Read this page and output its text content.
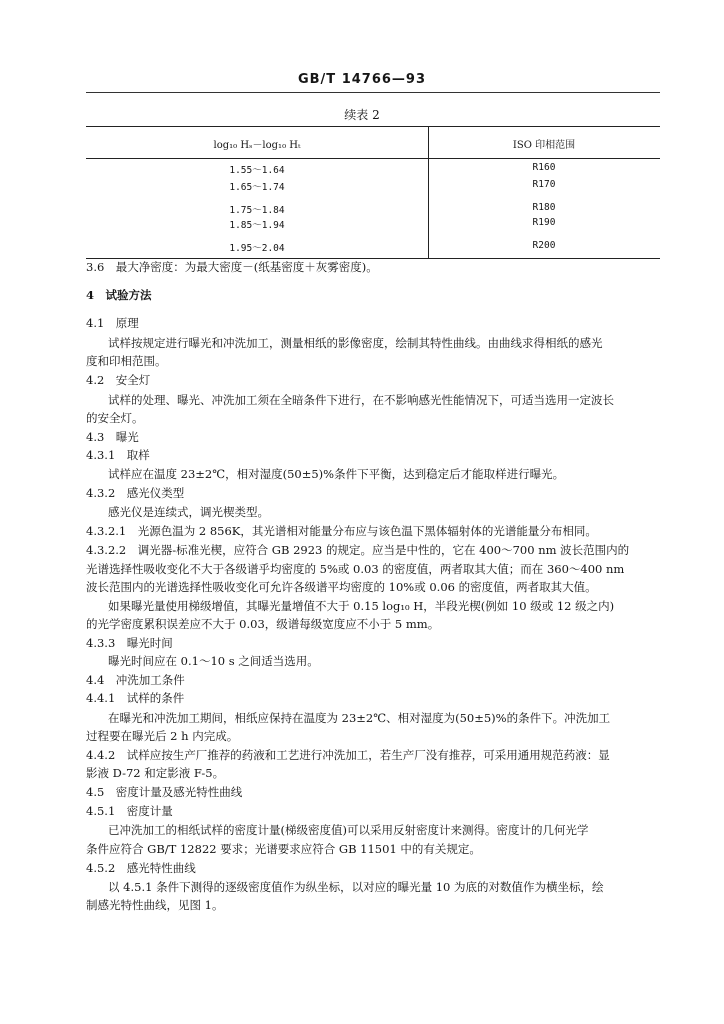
GB/T 14766—93
续表 2
log₁₀ Hₛ－log₁₀ Hₜ	ISO 印相范围
1.55～1.64	R160
1.65～1.74	R170
1.75～1.84	R180
1.85～1.94	R190
1.95～2.04	R200
3.6　最大净密度：为最大密度－(纸基密度＋灰雾密度)。
4　试验方法
4.1　原理
试样按规定进行曝光和冲洗加工，测量相纸的影像密度，绘制其特性曲线。由曲线求得相纸的感光
度和印相范围。
4.2　安全灯
试样的处理、曝光、冲洗加工须在全暗条件下进行，在不影响感光性能情况下，可适当选用一定波长
的安全灯。
4.3　曝光
4.3.1　取样
试样应在温度 23±2℃，相对湿度(50±5)%条件下平衡，达到稳定后才能取样进行曝光。
4.3.2　感光仪类型
感光仪是连续式，调光楔类型。
4.3.2.1　光源色温为 2 856K，其光谱相对能量分布应与该色温下黑体辐射体的光谱能量分布相同。
4.3.2.2　调光器-标准光楔，应符合 GB 2923 的规定。应当是中性的，它在 400～700 nm 波长范围内的
光谱选择性吸收变化不大于各级谱乎均密度的 5%或 0.03 的密度值，两者取其大值；而在 360～400 nm
波长范围内的光谱选择性吸收变化可允许各级谱平均密度的 10%或 0.06 的密度值，两者取其大值。
如果曝光量使用梯级增值，其曝光量增值不大于 0.15 log₁₀ H，半段光楔(例如 10 级或 12 级之内)
的光学密度累积误差应不大于 0.03，级谱每级宽度应不小于 5 mm。
4.3.3　曝光时间
曝光时间应在 0.1～10 s 之间适当选用。
4.4　冲洗加工条件
4.4.1　试样的条件
在曝光和冲洗加工期间，相纸应保持在温度为 23±2℃、相对湿度为(50±5)%的条件下。冲洗加工
过程要在曝光后 2 h 内完成。
4.4.2　试样应按生产厂推荐的药液和工艺进行冲洗加工，若生产厂没有推荐，可采用通用规范药液：显
影液 D-72 和定影液 F-5。
4.5　密度计量及感光特性曲线
4.5.1　密度计量
已冲洗加工的相纸试样的密度计量(梯级密度值)可以采用反射密度计来测得。密度计的几何光学
条件应符合 GB/T 12822 要求；光谱要求应符合 GB 11501 中的有关规定。
4.5.2　感光特性曲线
以 4.5.1 条件下测得的逐级密度值作为纵坐标，以对应的曝光量 10 为底的对数值作为横坐标，绘
制感光特性曲线，见图 1。
